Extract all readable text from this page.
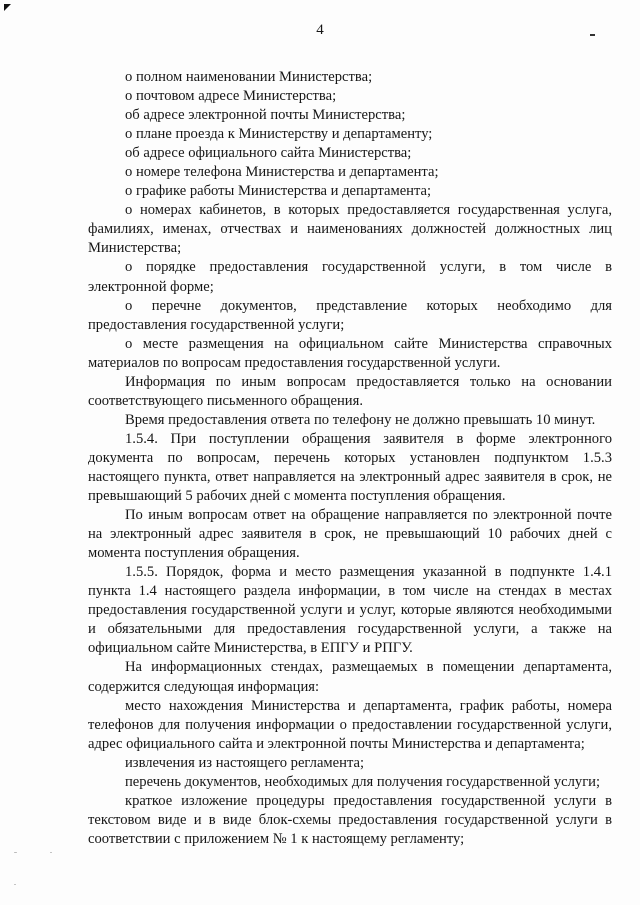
4

о полном наименовании Министерства;

о почтовом адресе Министерства;

об адресе электронной почты Министерства;

о плане проезда к Министерству и департаменту;

об адресе официального сайта Министерства;

о номере телефона Министерства и департамента;

о графике работы Министерства и департамента;

о номерах кабинетов, в которых предоставляется государственная услуга, фамилиях, именах, отчествах и наименованиях должностей должностных лиц Министерства;

о порядке предоставления государственной услуги, в том числе в электронной форме;

о перечне документов, представление которых необходимо для предоставления государственной услуги;

о месте размещения на официальном сайте Министерства справочных материалов по вопросам предоставления государственной услуги.

Информация по иным вопросам предоставляется только на основании соответствующего письменного обращения.

Время предоставления ответа по телефону не должно превышать 10 минут.

1.5.4. При поступлении обращения заявителя в форме электронного документа по вопросам, перечень которых установлен подпунктом 1.5.3 настоящего пункта, ответ направляется на электронный адрес заявителя в срок, не превышающий 5 рабочих дней с момента поступления обращения.

По иным вопросам ответ на обращение направляется по электронной почте на электронный адрес заявителя в срок, не превышающий 10 рабочих дней с момента поступления обращения.

1.5.5. Порядок, форма и место размещения указанной в подпункте 1.4.1 пункта 1.4 настоящего раздела информации, в том числе на стендах в местах предоставления государственной услуги и услуг, которые являются необходимыми и обязательными для предоставления государственной услуги, а также на официальном сайте Министерства, в ЕПГУ и РПГУ.

На информационных стендах, размещаемых в помещении департамента, содержится следующая информация:

место нахождения Министерства и департамента, график работы, номера телефонов для получения информации о предоставлении государственной услуги, адрес официального сайта и электронной почты Министерства и департамента;

извлечения из настоящего регламента;

перечень документов, необходимых для получения государственной услуги;

краткое изложение процедуры предоставления государственной услуги в текстовом виде и в виде блок-схемы предоставления государственной услуги в соответствии с приложением № 1 к настоящему регламенту;
